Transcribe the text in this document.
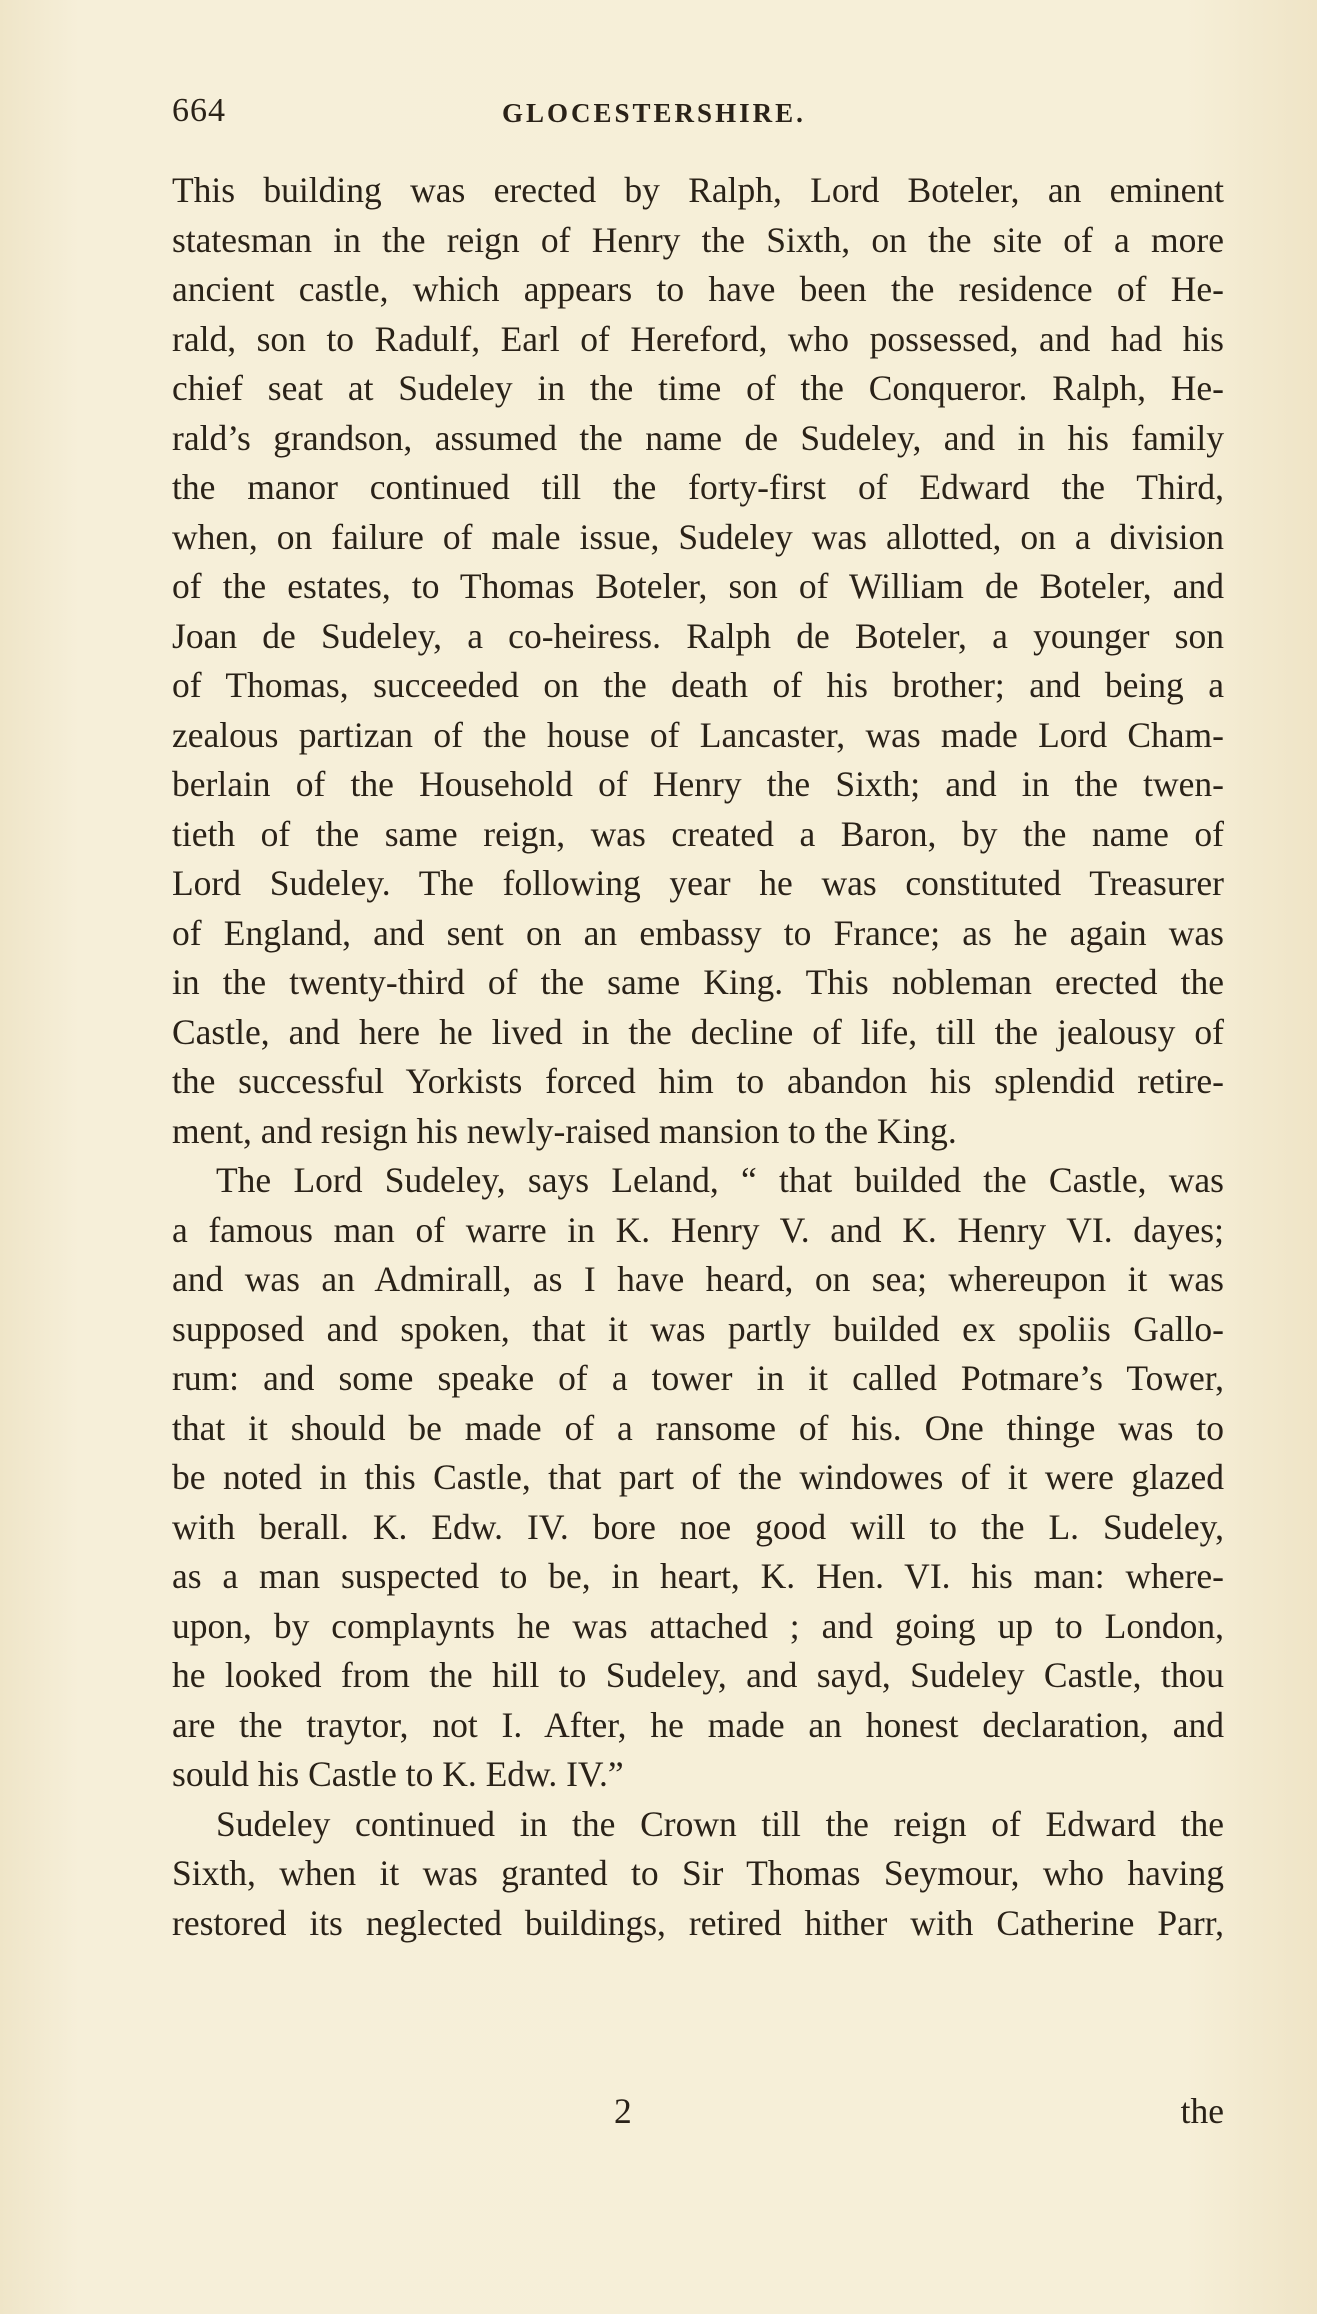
664	GLOCESTERSHIRE.
This building was erected by Ralph, Lord Boteler, an eminent
statesman in the reign of Henry the Sixth, on the site of a more
ancient castle, which appears to have been the residence of He-
rald, son to Radulf, Earl of Hereford, who possessed, and had his
chief seat at Sudeley in the time of the Conqueror. Ralph, He-
rald’s grandson, assumed the name de Sudeley, and in his family
the manor continued till the forty-first of Edward the Third,
when, on failure of male issue, Sudeley was allotted, on a division
of the estates, to Thomas Boteler, son of William de Boteler, and
Joan de Sudeley, a co-heiress. Ralph de Boteler, a younger son
of Thomas, succeeded on the death of his brother; and being a
zealous partizan of the house of Lancaster, was made Lord Cham-
berlain of the Household of Henry the Sixth; and in the twen-
tieth of the same reign, was created a Baron, by the name of
Lord Sudeley. The following year he was constituted Treasurer
of England, and sent on an embassy to France; as he again was
in the twenty-third of the same King. This nobleman erected the
Castle, and here he lived in the decline of life, till the jealousy of
the successful Yorkists forced him to abandon his splendid retire-
ment, and resign his newly-raised mansion to the King.
The Lord Sudeley, says Leland, “ that builded the Castle, was
a famous man of warre in K. Henry V. and K. Henry VI. dayes;
and was an Admirall, as I have heard, on sea; whereupon it was
supposed and spoken, that it was partly builded ex spoliis Gallo-
rum: and some speake of a tower in it called Potmare’s Tower,
that it should be made of a ransome of his. One thinge was to
be noted in this Castle, that part of the windowes of it were glazed
with berall. K. Edw. IV. bore noe good will to the L. Sudeley,
as a man suspected to be, in heart, K. Hen. VI. his man: where-
upon, by complaynts he was attached ; and going up to London,
he looked from the hill to Sudeley, and sayd, Sudeley Castle, thou
are the traytor, not I. After, he made an honest declaration, and
sould his Castle to K. Edw. IV.”
Sudeley continued in the Crown till the reign of Edward the
Sixth, when it was granted to Sir Thomas Seymour, who having
restored its neglected buildings, retired hither with Catherine Parr,
2	the
